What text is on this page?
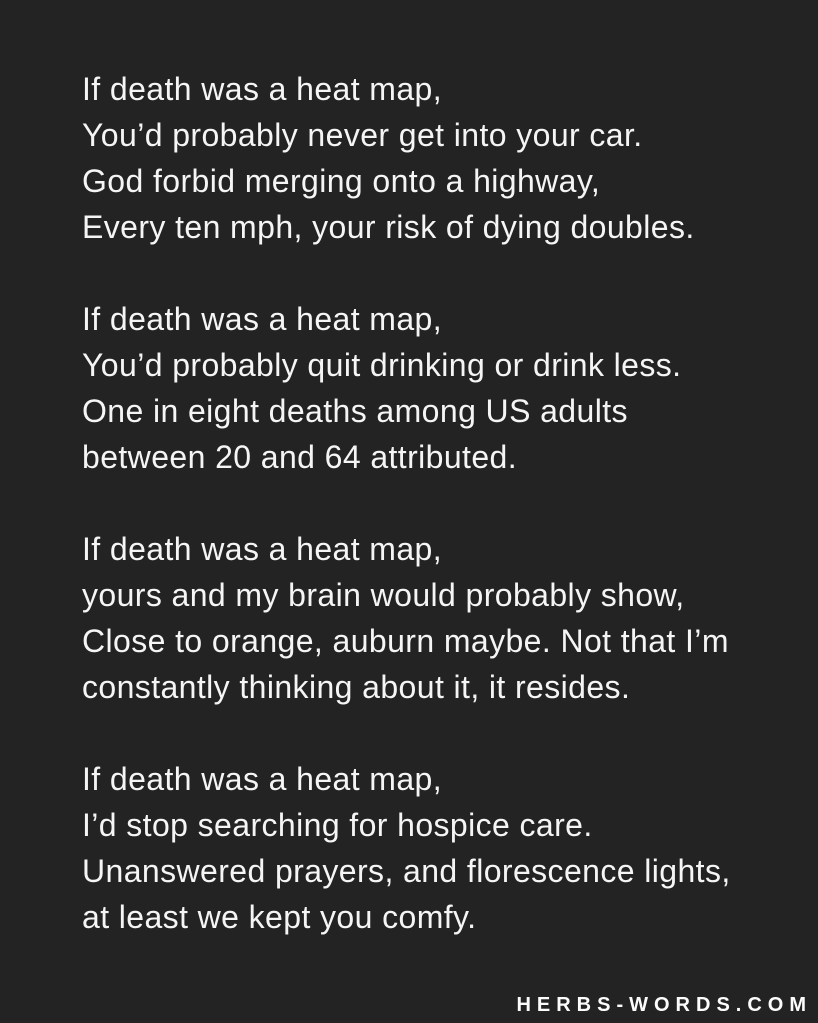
If death was a heat map,
You’d probably never get into your car.
God forbid merging onto a highway,
Every ten mph, your risk of dying doubles.
If death was a heat map,
You’d probably quit drinking or drink less.
One in eight deaths among US adults
between 20 and 64 attributed.
If death was a heat map,
yours and my brain would probably show,
Close to orange, auburn maybe. Not that I’m
constantly thinking about it, it resides.
If death was a heat map,
I’d stop searching for hospice care.
Unanswered prayers, and florescence lights,
at least we kept you comfy.
HERBS-WORDS.COM
